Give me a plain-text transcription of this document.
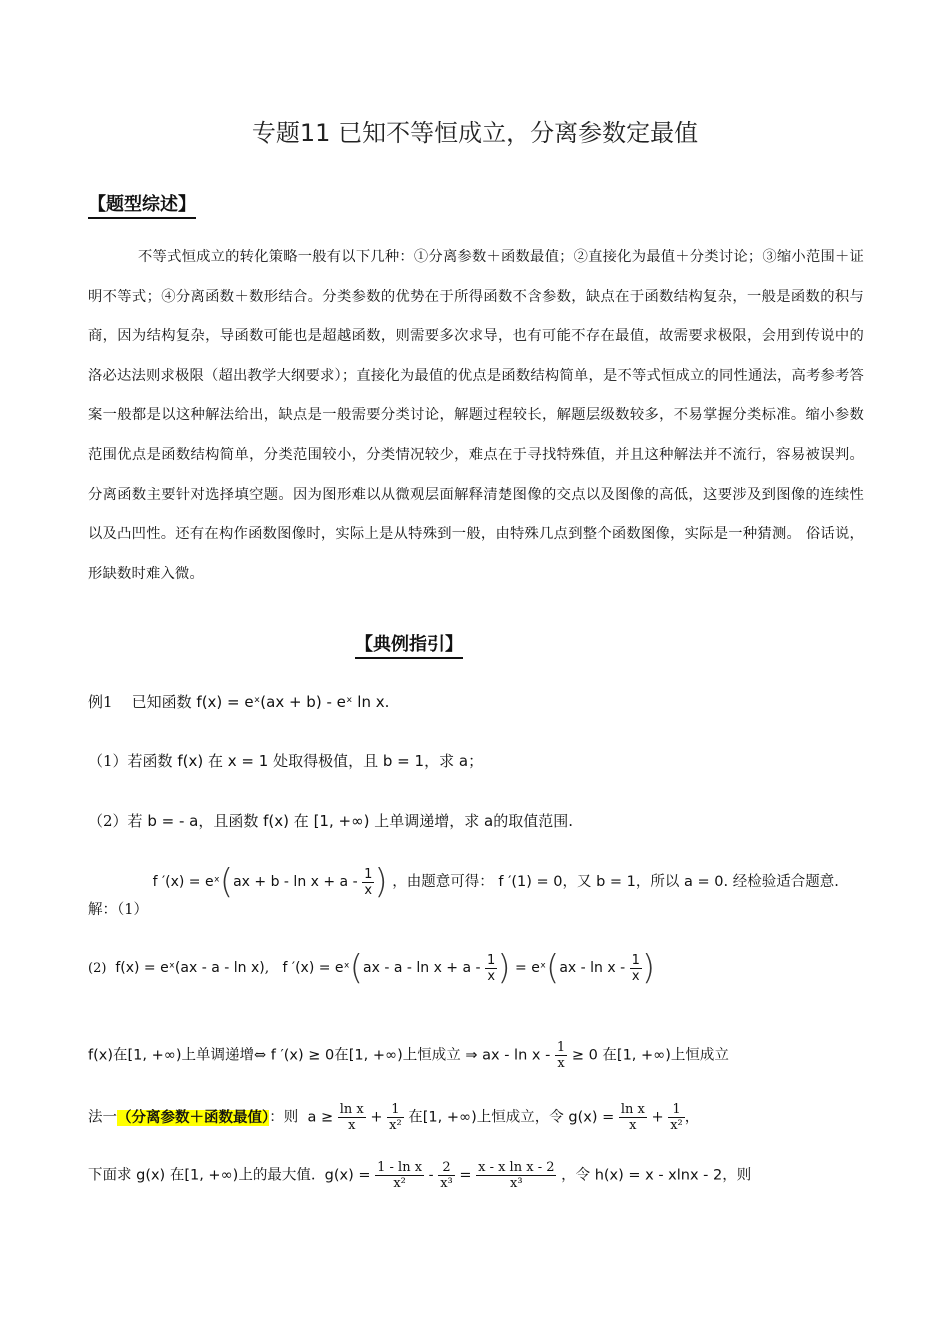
专题11 已知不等恒成立，分离参数定最值
【题型综述】
不等式恒成立的转化策略一般有以下几种：①分离参数＋函数最值；②直接化为最值＋分类讨论；③缩小范围＋证明不等式；④分离函数＋数形结合。分类参数的优势在于所得函数不含参数，缺点在于函数结构复杂，一般是函数的积与商，因为结构复杂，导函数可能也是超越函数，则需要多次求导，也有可能不存在最值，故需要求极限，会用到传说中的洛必达法则求极限（超出教学大纲要求）；直接化为最值的优点是函数结构简单，是不等式恒成立的同性通法，高考参考答案一般都是以这种解法给出，缺点是一般需要分类讨论，解题过程较长，解题层级数较多，不易掌握分类标准。缩小参数范围优点是函数结构简单，分类范围较小，分类情况较少，难点在于寻找特殊值，并且这种解法并不流行，容易被误判。分离函数主要针对选择填空题。因为图形难以从微观层面解释清楚图像的交点以及图像的高低，这要涉及到图像的连续性以及凸凹性。还有在构作函数图像时，实际上是从特殊到一般，由特殊几点到整个函数图像，实际是一种猜测。 俗话说，形缺数时难入微。
【典例指引】
例1 已知函数 f(x) = eˣ(ax + b) - eˣ ln x.
（1）若函数 f(x) 在 x = 1 处取得极值，且 b = 1，求 a；
（2）若 b = - a，且函数 f(x) 在 [1, +∞) 上单调递增，求 a的取值范围.
解：（1） f ′(x) = eˣ(ax + $b - \ln x + a - \frac{1}{x}$ ) ，由题意可得： f ′(1) = 0，又 b = 1，所以 a = 0. 经检验适合题意.
(2) f(x) = eˣ(ax - a - ln x), f ′(x) = eˣ(ax - $a - \ln x + a - \frac{1}{x}$ ) = eˣ(ax - ln x - $\frac{1}{x}$ )
f(x)在[1, +∞)上单调递增⇔ f ′(x) ≥ 0在[1, +∞)上恒成立 ⇒ ax - $\ln x - \frac{1}{x} \ge 0$ 在[1, +∞)上恒成立
法一（分离参数＋函数最值）：则 $a \ge \frac{\text{ln x}}{x} + \frac{1}{\text{x²}}$ 在[1, +∞)上恒成立，令 $g(x) = \frac{\text{ln x}}{x} + \frac{1}{\text{x²}}$ ，
下面求 g(x) 在[1, +∞)上的最大值. $g(x) = \frac{\text{1 - ln x}}{\text{x²}} - \frac{2}{\text{x³}} = \frac{\text{x - x ln x - 2}}{\text{x³}}$ ，令 h(x) = x - xlnx - 2，则
